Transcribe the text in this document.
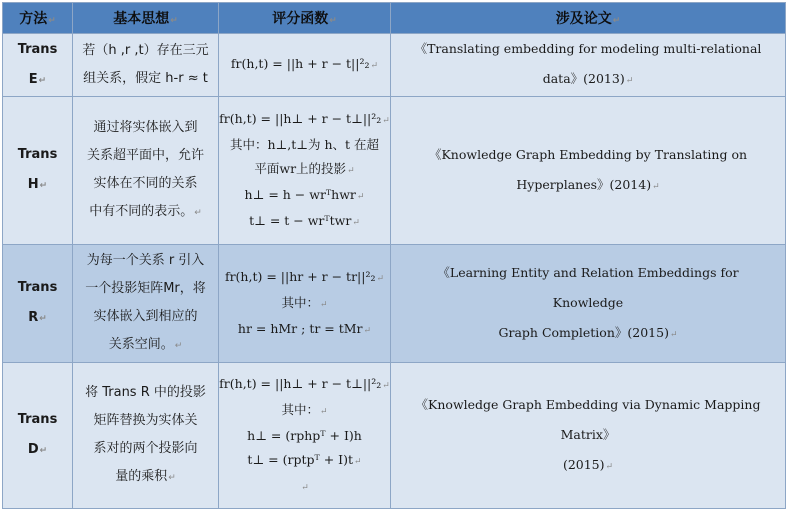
方法↵	基本思想↵	评分函数↵	涉及论文↵

Trans
E↵	若（h ,r ,t）存在三元
组关系，假定 h-r ≈ t	fr(h,t) = ||h + r − t||²₂↵	《Translating embedding for modeling multi-relational
data》(2013)↵

Trans
H↵	通过将实体嵌入到
关系超平面中，允许
实体在不同的关系
中有不同的表示。↵	fr(h,t) = ||h⊥ + r − t⊥||²₂↵
其中：h⊥,t⊥为 h、t 在超
平面wr上的投影↵
h⊥ = h − wrᵀhwr↵
t⊥ = t − wrᵀtwr↵	《Knowledge Graph Embedding by Translating on
Hyperplanes》(2014)↵

Trans
R↵	为每一个关系 r 引入
一个投影矩阵Mr，将
实体嵌入到相应的
关系空间。↵	fr(h,t) = ||hr + r − tr||²₂↵
其中：↵
hr = hMr ; tr = tMr↵	《Learning Entity and Relation Embeddings for Knowledge
Graph Completion》(2015)↵

Trans
D↵	将 Trans R 中的投影
矩阵替换为实体关
系对的两个投影向
量的乘积↵	fr(h,t) = ||h⊥ + r − t⊥||²₂↵
其中：↵
h⊥ = (rphpᵀ + I)h
t⊥ = (rptpᵀ + I)t↵
↵	《Knowledge Graph Embedding via Dynamic Mapping Matrix》
(2015)↵
